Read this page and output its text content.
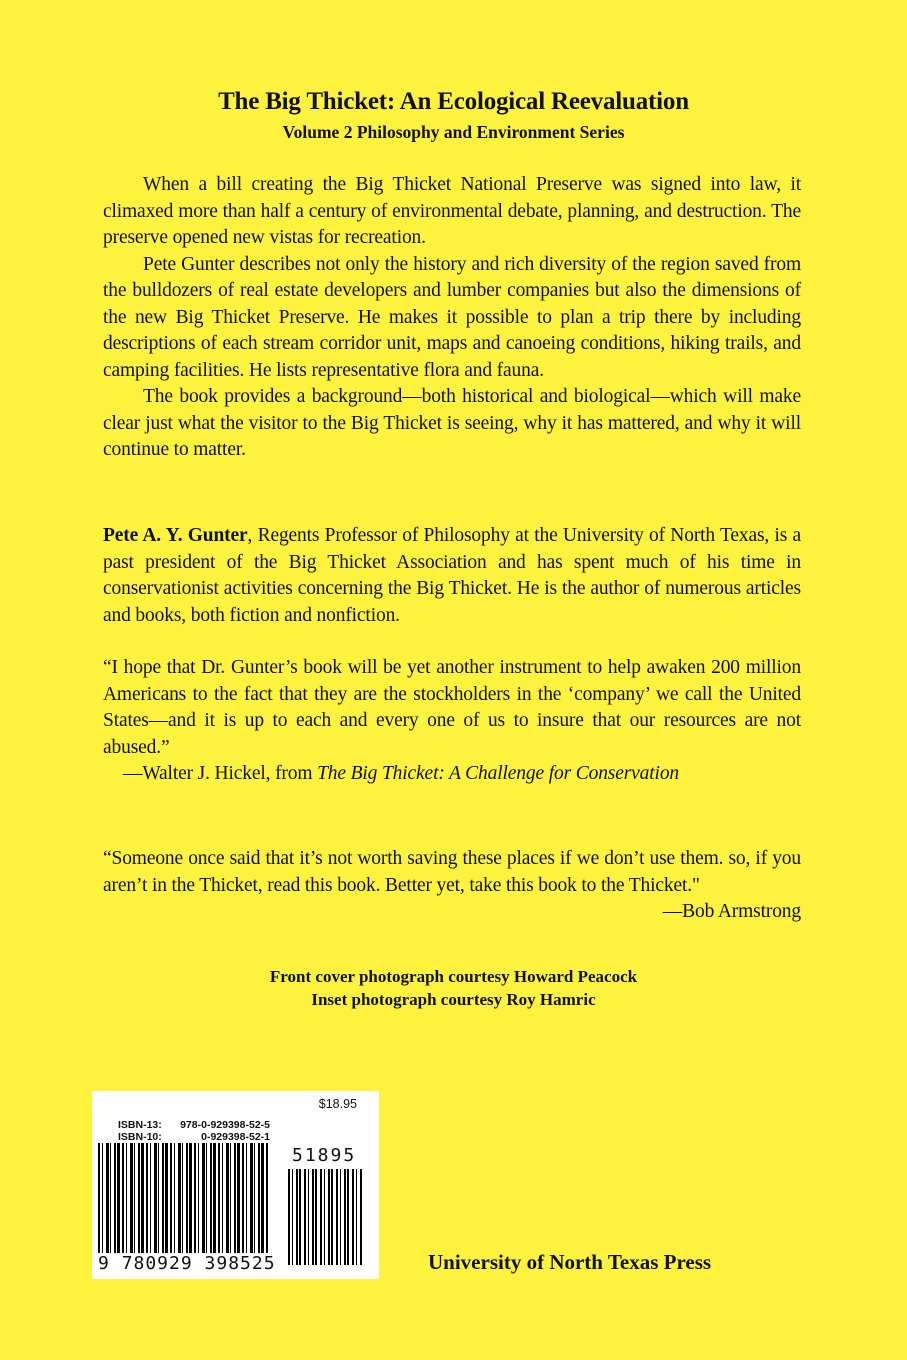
The Big Thicket: An Ecological Reevaluation
Volume 2 Philosophy and Environment Series

When a bill creating the Big Thicket National Preserve was signed into law, it climaxed more than half a century of environmental debate, planning, and destruction. The preserve opened new vistas for recreation.

Pete Gunter describes not only the history and rich diversity of the region saved from the bulldozers of real estate developers and lumber companies but also the dimensions of the new Big Thicket Preserve. He makes it possible to plan a trip there by including descriptions of each stream corridor unit, maps and canoeing conditions, hiking trails, and camping facilities. He lists representative flora and fauna.

The book provides a background—both historical and biological—which will make clear just what the visitor to the Big Thicket is seeing, why it has mattered, and why it will continue to matter.

Pete A. Y. Gunter, Regents Professor of Philosophy at the University of North Texas, is a past president of the Big Thicket Association and has spent much of his time in conservationist activities concerning the Big Thicket. He is the author of numerous articles and books, both fiction and nonfiction.

“I hope that Dr. Gunter’s book will be yet another instrument to help awaken 200 million Americans to the fact that they are the stockholders in the ‘company’ we call the United States—and it is up to each and every one of us to insure that our resources are not abused.”

—Walter J. Hickel, from The Big Thicket: A Challenge for Conservation

“Someone once said that it’s not worth saving these places if we don’t use them. so, if you aren’t in the Thicket, read this book. Better yet, take this book to the Thicket."

—Bob Armstrong

Front cover photograph courtesy Howard Peacock
Inset photograph courtesy Roy Hamric
$18.95
ISBN-13: 978-0-929398-52-5
ISBN-10:	0-929398-52-1
9 780929 398525
51895
University of North Texas Press
